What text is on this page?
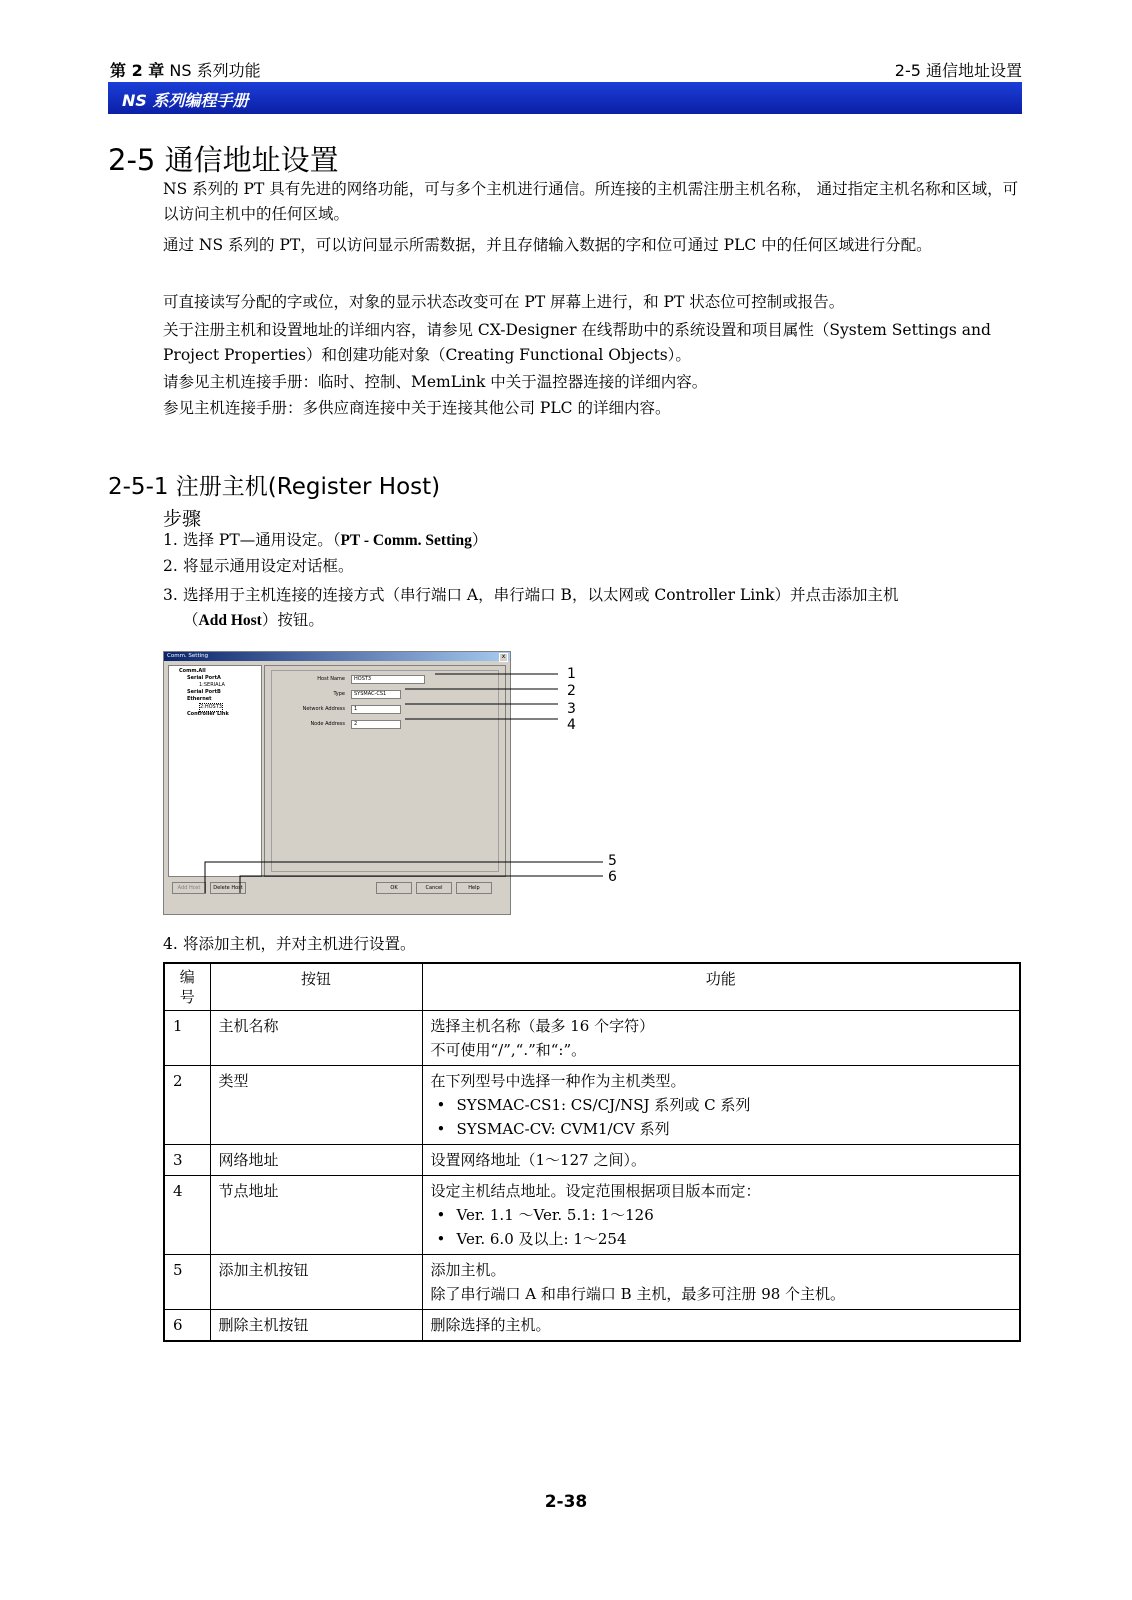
第 2 章 NS 系列功能	2-5 通信地址设置
NS 系列编程手册
2-5 通信地址设置

NS 系列的 PT 具有先进的网络功能，可与多个主机进行通信。所连接的主机需注册主机名称， 通过指定主机名称和区域，可以访问主机中的任何区域。

通过 NS 系列的 PT，可以访问显示所需数据，并且存储输入数据的字和位可通过 PLC 中的任何区域进行分配。

可直接读写分配的字或位，对象的显示状态改变可在 PT 屏幕上进行，和 PT 状态位可控制或报告。

关于注册主机和设置地址的详细内容，请参见 CX-Designer 在线帮助中的系统设置和项目属性（System Settings and Project Properties）和创建功能对象（Creating Functional Objects）。

请参见主机连接手册：临时、控制、MemLink 中关于温控器连接的详细内容。

参见主机连接手册：多供应商连接中关于连接其他公司 PLC 的详细内容。

2-5-1 注册主机(Register Host)
步骤

1. 选择 PT—通用设定。（PT - Comm. Setting）

2. 将显示通用设定对话框。

3. 选择用于主机连接的连接方式（串行端口 A，串行端口 B，以太网或 Controller Link）并点击添加主机
（Add Host）按钮。

Comm. Setting	x
Comm.All
Serial PortA
1:SERIALA
Serial PortB
Ethernet
2:HOST3
Controller Link
Host Name	HOST3
Type	SYSMAC-CS1
Network Address	1
Node Address	2
Add Host	Delete Host	OK	Cancel	Help
1
2
3
4
5
6

4. 将添加主机，并对主机进行设置。

编
号	按钮	功能
1	主机名称	选择主机名称（最多 16 个字符）
不可使用“/”,“.”和“:”。

2	类型	在下列型号中选择一种作为主机类型。
• SYSMAC-CS1: CS/CJ/NSJ 系列或 C 系列
• SYSMAC-CV: CVM1/CV 系列

3	网络地址	设置网络地址（1～127 之间）。

4	节点地址	设定主机结点地址。设定范围根据项目版本而定：
• Ver. 1.1 ～Ver. 5.1: 1～126
• Ver. 6.0 及以上: 1～254

5	添加主机按钮	添加主机。
除了串行端口 A 和串行端口 B 主机，最多可注册 98 个主机。

6	删除主机按钮	删除选择的主机。
2-38
